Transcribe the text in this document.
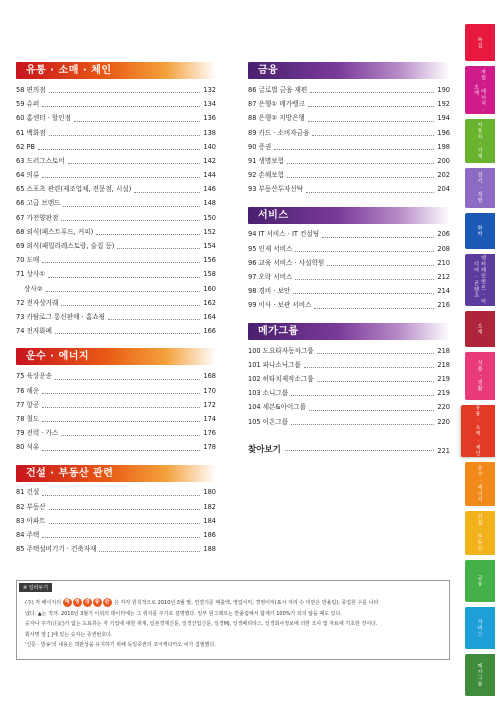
유통 · 소매 · 체인
58 편의점	132
59 슈퍼	134
60 홈센터 · 할인점	136
61 백화점	138
62 PB	140
63 드러그스토어	142
64 의류	144
65 스포츠 관련(제조업체, 전문점, 시설)	146
66 고급 브랜드	148
67 가전양판점	150
68 외식(패스트푸드, 커피)	152
69 외식(패밀리레스토랑, 술집 등)	154
70 도매	156
71 상사①	158
상사②	160
72 전자상거래	162
73 카탈로그 통신판매 · 홈쇼핑	164
74 전자화폐	166
운수 · 에너지
75 육상운송	168
76 해운	170
77 항공	172
78 철도	174
79 전력 · 가스	176
80 석유	178
건설 · 부동산 관련
81 건설	180
82 부동산	182
83 아파트	184
84 주택	186
85 주택설비기기 · 건축자재	188
금융
86 글로벌 금융 재편	190
87 은행① 메가뱅크	192
88 은행② 지방은행	194
89 카드 · 소비자금융	196
90 증권	198
91 생명보험	200
92 손해보험	202
93 부동산투자신탁	204
서비스
94 IT 서비스 · IT 컨설팅	206
95 인재 서비스	208
96 교육 서비스 · 사설학원	210
97 오락 서비스	212
98 경비 · 보안	214
99 이사 · 보관 서비스	216
메가그룹
100 도요타자동차그룹	218
101 파나소닉그룹	218
102 히타치제작소그룹	219
103 소니그룹	219
104 세븐&아이그룹	220
105 이온그룹	220
찾아보기	221
※ 일러두기
(주) 각 페이지의 매 영 경 종 판 은 각각 원칙적으로 2010년 3월 말, 연결기준 매출액, 영업이익, 경영이익(표시 자리 수 미만은 반올림), 종업원 수를 나타
냈다. ▲는 적자. 2010년 3월기 이외의 데이터에는 그 취지를 주기로 설명했다. 일부 원그래프는 반올림해서 합계가 100%가 되지 않을 때도 있다.
숫자나 주기(注記)가 없는 도표류는 각 기업에 대한 취재, 일본경제신문, 일경산업신문, 일경MJ, 일경베리타스, 일경회사정보에 의한 조사 및 자료에 기초한 것이다.
회사명 옆 [ ]에 있는 숫자는 증권번호다.
'신문 · 방송'의 내용은 객관성을 유지하기 위해 독일증권의 코이케다카오 씨가 집필했다.
특집
자원 · 에너지 · 소재
자동차 · 기계
전기 · 정밀
화학
엔터테인먼트 · 미디어 · 콘텐츠
소재
식품 · 생활
유통 · 소매 · 체인
운수 · 에너지
건설 · 부동산
금융
서비스
메가그룹
